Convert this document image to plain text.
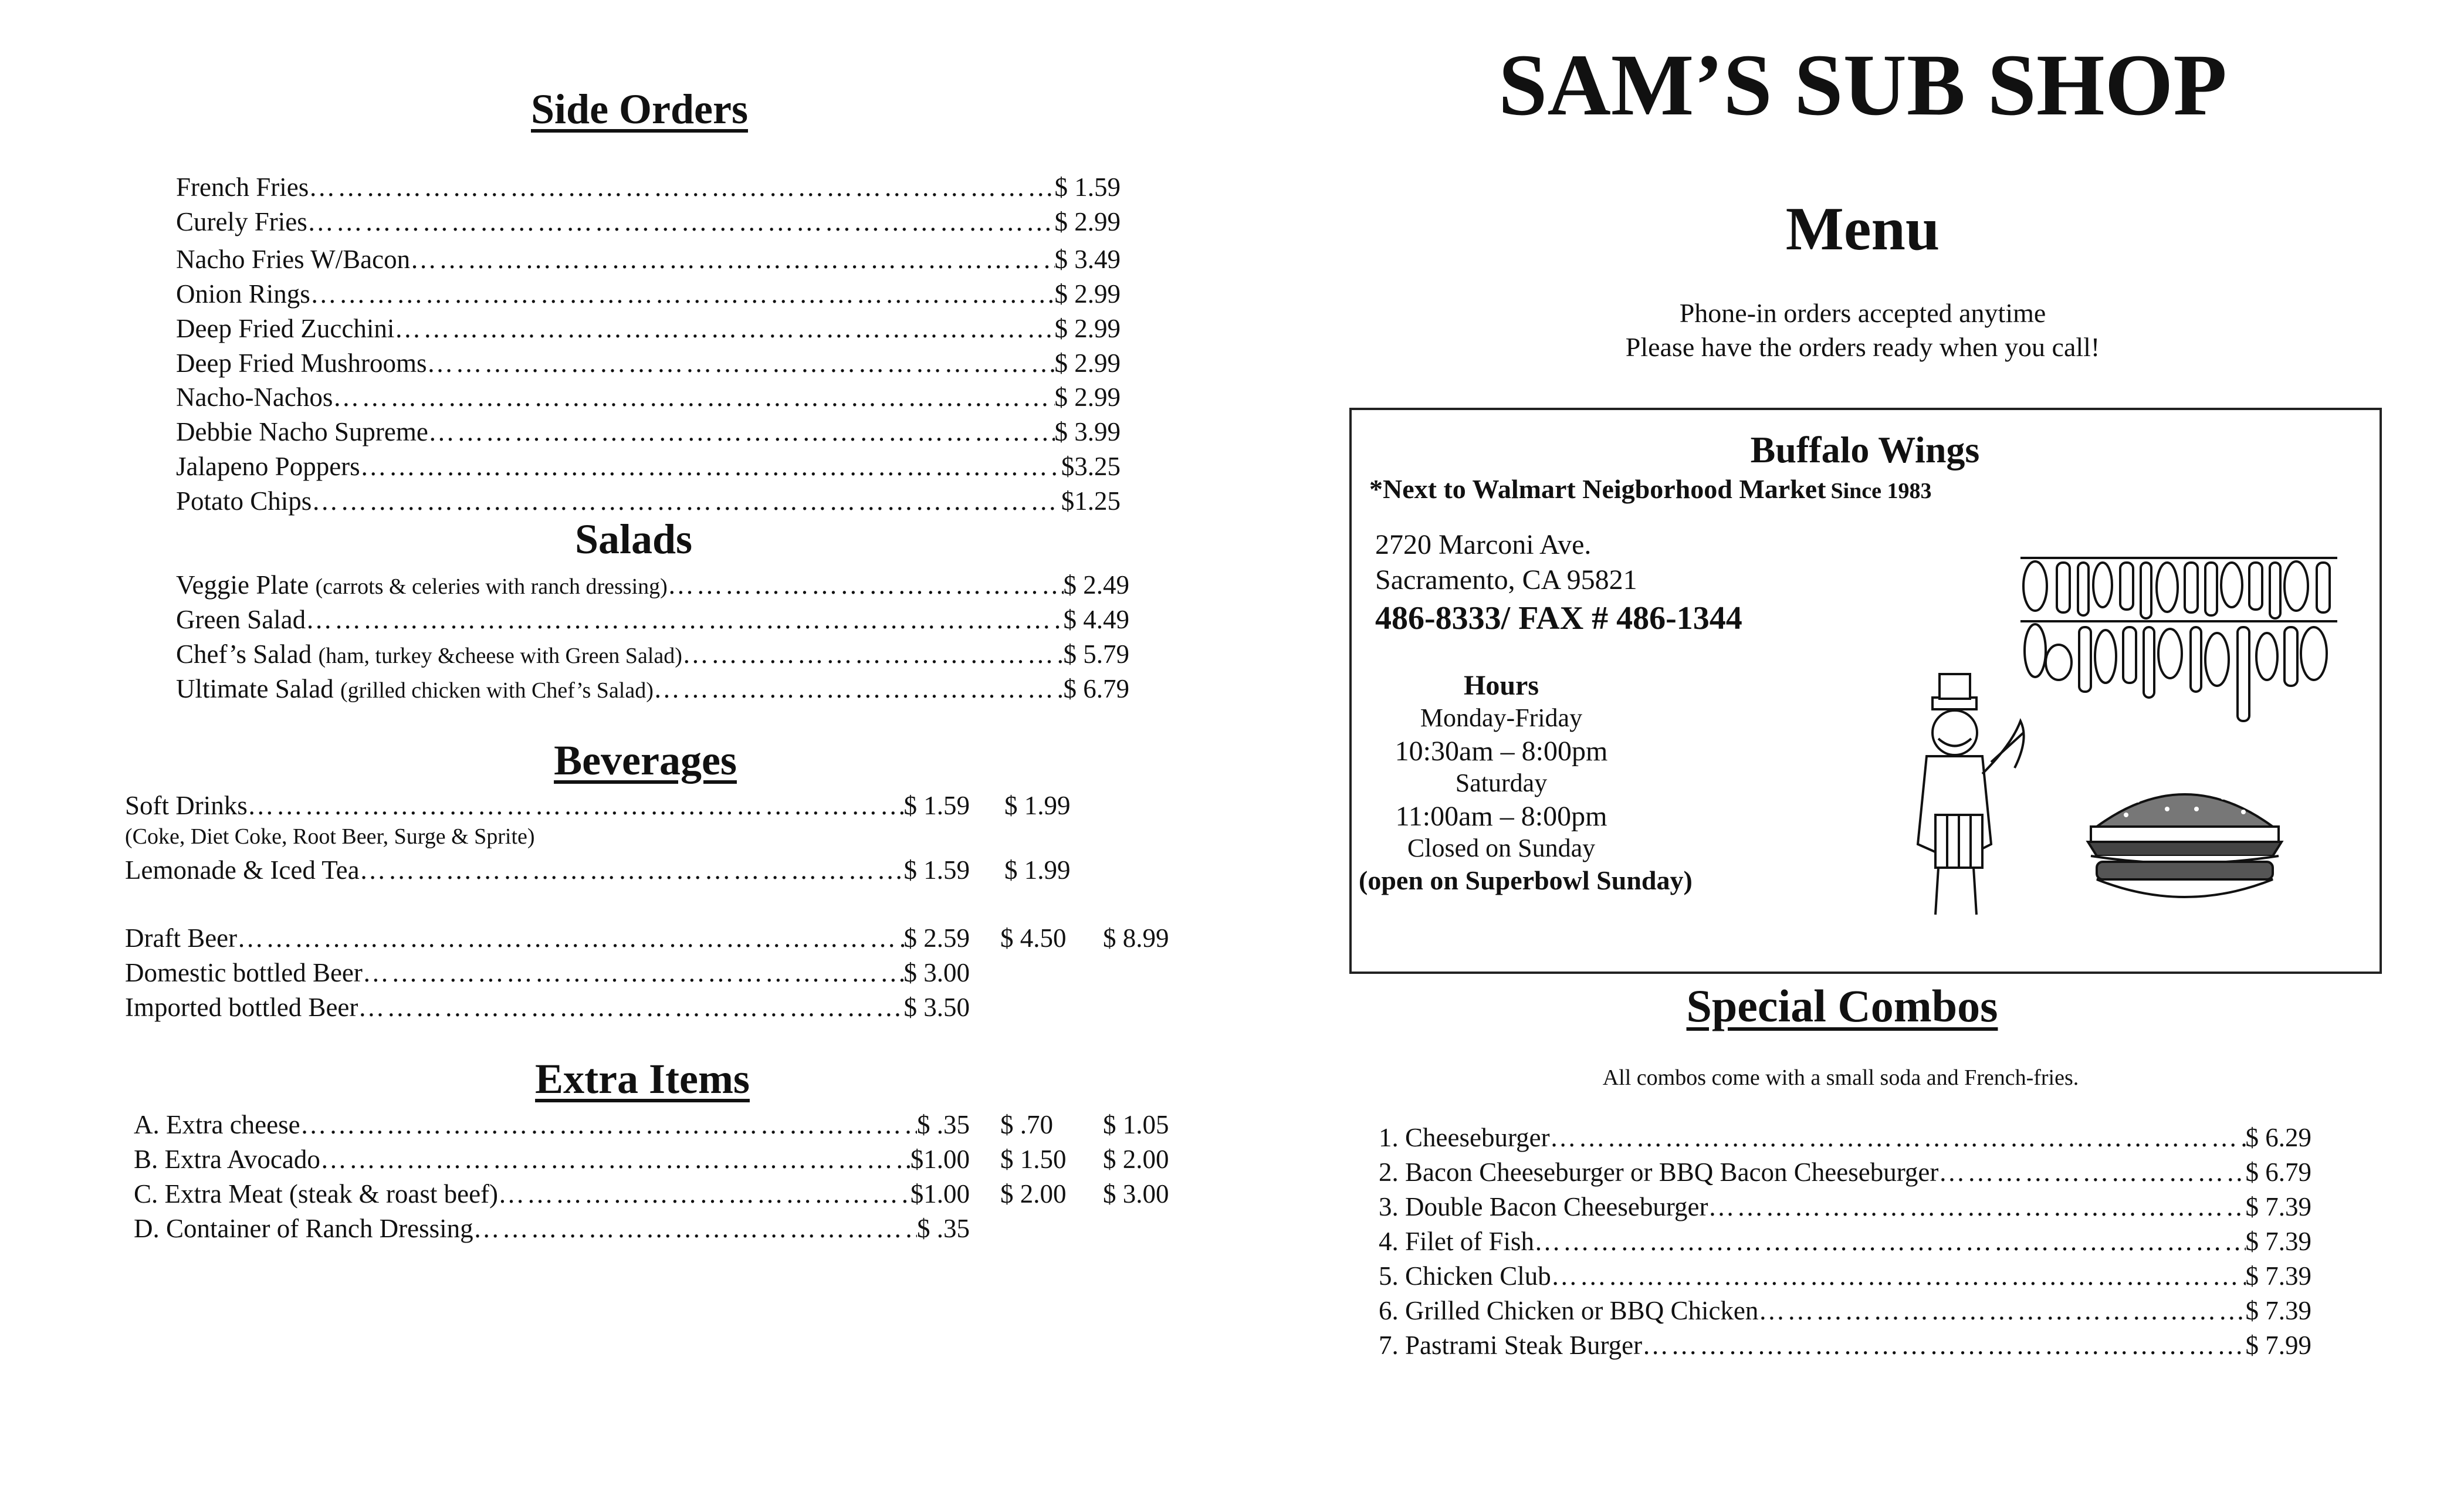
Side Orders
French Fries ……………………………………………………………………………………………………………………………………………………………………………………………………………	$ 1.59
Curely Fries ……………………………………………………………………………………………………………………………………………………………………………………………………………	$ 2.99
Nacho Fries W/Bacon ……………………………………………………………………………………………………………………………………………………………………………………………………………	$ 3.49
Onion Rings ……………………………………………………………………………………………………………………………………………………………………………………………………………	$ 2.99
Deep Fried Zucchini ……………………………………………………………………………………………………………………………………………………………………………………………………………	$ 2.99
Deep Fried Mushrooms ……………………………………………………………………………………………………………………………………………………………………………………………………………	$ 2.99
Nacho-Nachos ……………………………………………………………………………………………………………………………………………………………………………………………………………	$ 2.99
Debbie Nacho Supreme ……………………………………………………………………………………………………………………………………………………………………………………………………………	$ 3.99
Jalapeno Poppers ……………………………………………………………………………………………………………………………………………………………………………………………………………	$3.25
Potato Chips ……………………………………………………………………………………………………………………………………………………………………………………………………………	$1.25
Salads
Veggie Plate
(carrots & celeries with ranch dressing) ……………………………………………………………………………………………………………………………………………………………………………………………………………	$ 2.49
Green Salad ……………………………………………………………………………………………………………………………………………………………………………………………………………	$ 4.49
Chef’s Salad
(ham, turkey &cheese with Green Salad) ……………………………………………………………………………………………………………………………………………………………………………………………………………	$ 5.79
Ultimate Salad
(grilled chicken with Chef’s Salad) ……………………………………………………………………………………………………………………………………………………………………………………………………………	$ 6.79
Beverages
Soft Drinks ……………………………………………………………………………………………………………………………………………………………………………………………………………	$ 1.59 $ 1.99
(Coke, Diet Coke, Root Beer, Surge & Sprite)
Lemonade & Iced Tea ……………………………………………………………………………………………………………………………………………………………………………………………………………	$ 1.59 $ 1.99
Draft Beer ……………………………………………………………………………………………………………………………………………………………………………………………………………	$ 2.59 $ 4.50 $ 8.99
Domestic bottled Beer ……………………………………………………………………………………………………………………………………………………………………………………………………………	$ 3.00
Imported bottled Beer ……………………………………………………………………………………………………………………………………………………………………………………………………………	$ 3.50
Extra Items
A. Extra cheese ……………………………………………………………………………………………………………………………………………………………………………………………………………	$ .35 $ .70 $ 1.05
B. Extra Avocado ……………………………………………………………………………………………………………………………………………………………………………………………………………	$1.00 $ 1.50 $ 2.00
C. Extra Meat (steak & roast beef) ……………………………………………………………………………………………………………………………………………………………………………………………………………	$1.00 $ 2.00 $ 3.00
D. Container of Ranch Dressing ……………………………………………………………………………………………………………………………………………………………………………………………………………	$ .35
SAM’S SUB SHOP
Menu
Phone-in orders accepted anytime
Please have the orders ready when you call!
Buffalo Wings
*Next to Walmart Neigborhood Market Since 1983
2720 Marconi Ave.
Sacramento, CA 95821
486-8333/ FAX # 486-1344
Hours
Monday-Friday
10:30am – 8:00pm
Saturday
11:00am – 8:00pm
Closed on Sunday
(open on Superbowl Sunday)
Special Combos
All combos come with a small soda and French-fries.
1. Cheeseburger ……………………………………………………………………………………………………………………………………………………………………………………………………………	$ 6.29
2. Bacon Cheeseburger or BBQ Bacon Cheeseburger ……………………………………………………………………………………………………………………………………………………………………………………………………………	$ 6.79
3. Double Bacon Cheeseburger ……………………………………………………………………………………………………………………………………………………………………………………………………………	$ 7.39
4. Filet of Fish ……………………………………………………………………………………………………………………………………………………………………………………………………………	$ 7.39
5. Chicken Club ……………………………………………………………………………………………………………………………………………………………………………………………………………	$ 7.39
6. Grilled Chicken or BBQ Chicken ……………………………………………………………………………………………………………………………………………………………………………………………………………	$ 7.39
7. Pastrami Steak Burger ……………………………………………………………………………………………………………………………………………………………………………………………………………	$ 7.99
